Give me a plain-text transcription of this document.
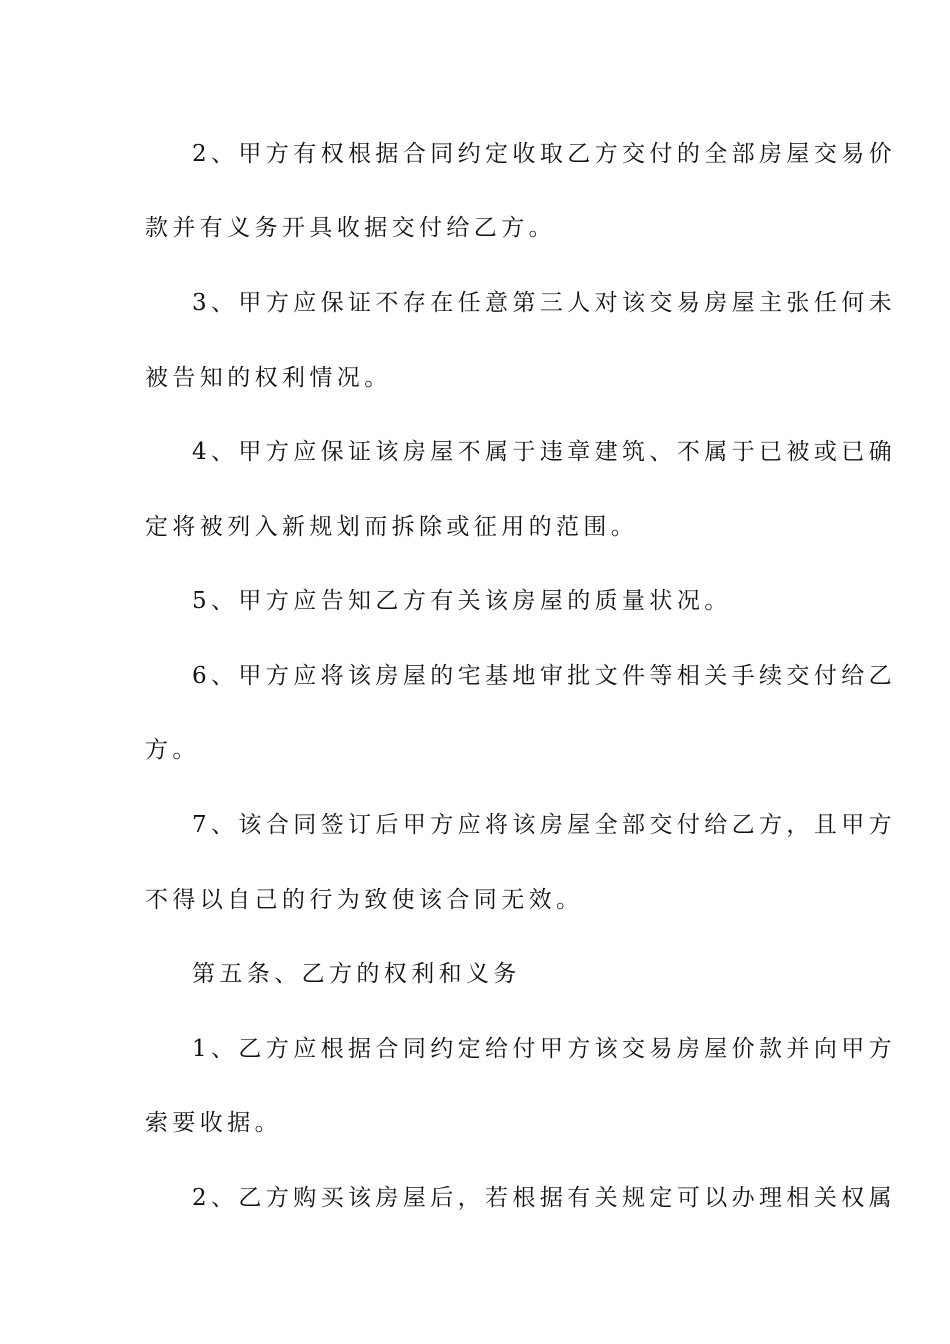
2、甲方有权根据合同约定收取乙方交付的全部房屋交易价
款并有义务开具收据交付给乙方。
3、甲方应保证不存在任意第三人对该交易房屋主张任何未
被告知的权利情况。
4、甲方应保证该房屋不属于违章建筑、不属于已被或已确
定将被列入新规划而拆除或征用的范围。
5、甲方应告知乙方有关该房屋的质量状况。
6、甲方应将该房屋的宅基地审批文件等相关手续交付给乙
方。
7、该合同签订后甲方应将该房屋全部交付给乙方，且甲方
不得以自己的行为致使该合同无效。
第五条、乙方的权利和义务
1、乙方应根据合同约定给付甲方该交易房屋价款并向甲方
索要收据。
2、乙方购买该房屋后，若根据有关规定可以办理相关权属
